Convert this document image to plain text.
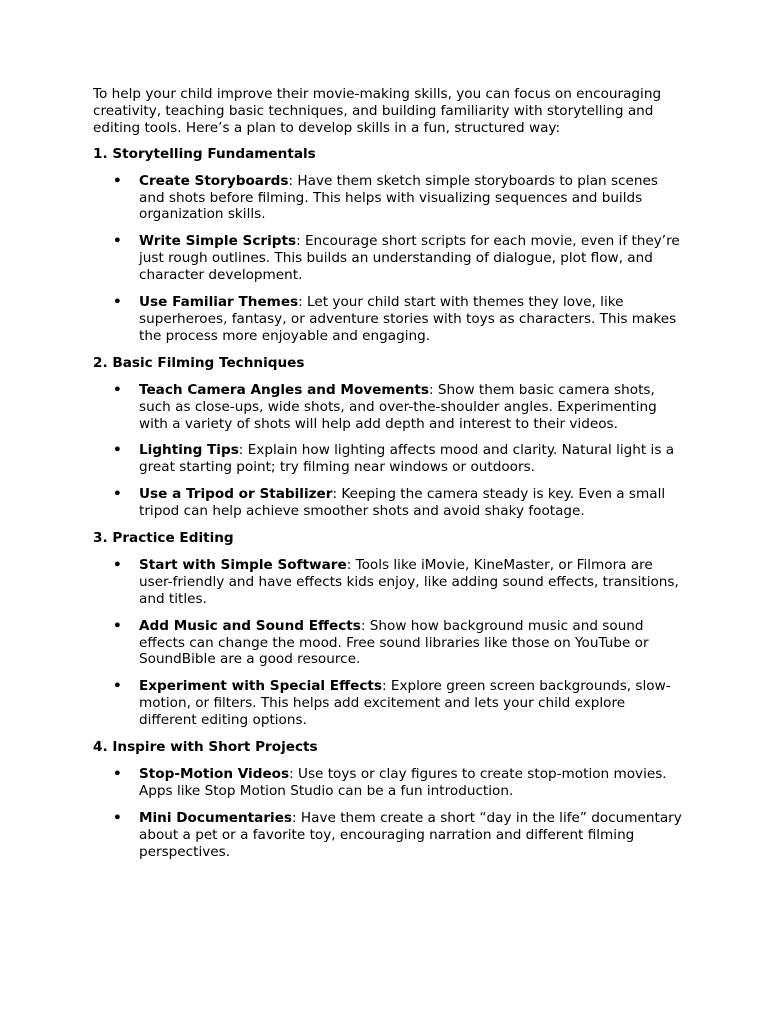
To help your child improve their movie-making skills, you can focus on encouraging creativity, teaching basic techniques, and building familiarity with storytelling and editing tools. Here’s a plan to develop skills in a fun, structured way:

1. Storytelling Fundamentals

• Create Storyboards: Have them sketch simple storyboards to plan scenes and shots before filming. This helps with visualizing sequences and builds organization skills.
• Write Simple Scripts: Encourage short scripts for each movie, even if they’re just rough outlines. This builds an understanding of dialogue, plot flow, and character development.
• Use Familiar Themes: Let your child start with themes they love, like superheroes, fantasy, or adventure stories with toys as characters. This makes the process more enjoyable and engaging.

2. Basic Filming Techniques

• Teach Camera Angles and Movements: Show them basic camera shots, such as close-ups, wide shots, and over-the-shoulder angles. Experimenting with a variety of shots will help add depth and interest to their videos.
• Lighting Tips: Explain how lighting affects mood and clarity. Natural light is a great starting point; try filming near windows or outdoors.
• Use a Tripod or Stabilizer: Keeping the camera steady is key. Even a small tripod can help achieve smoother shots and avoid shaky footage.

3. Practice Editing

• Start with Simple Software: Tools like iMovie, KineMaster, or Filmora are user-friendly and have effects kids enjoy, like adding sound effects, transitions, and titles.
• Add Music and Sound Effects: Show how background music and sound effects can change the mood. Free sound libraries like those on YouTube or SoundBible are a good resource.
• Experiment with Special Effects: Explore green screen backgrounds, slow-motion, or filters. This helps add excitement and lets your child explore different editing options.

4. Inspire with Short Projects

• Stop-Motion Videos: Use toys or clay figures to create stop-motion movies. Apps like Stop Motion Studio can be a fun introduction.
• Mini Documentaries: Have them create a short “day in the life” documentary about a pet or a favorite toy, encouraging narration and different filming perspectives.
